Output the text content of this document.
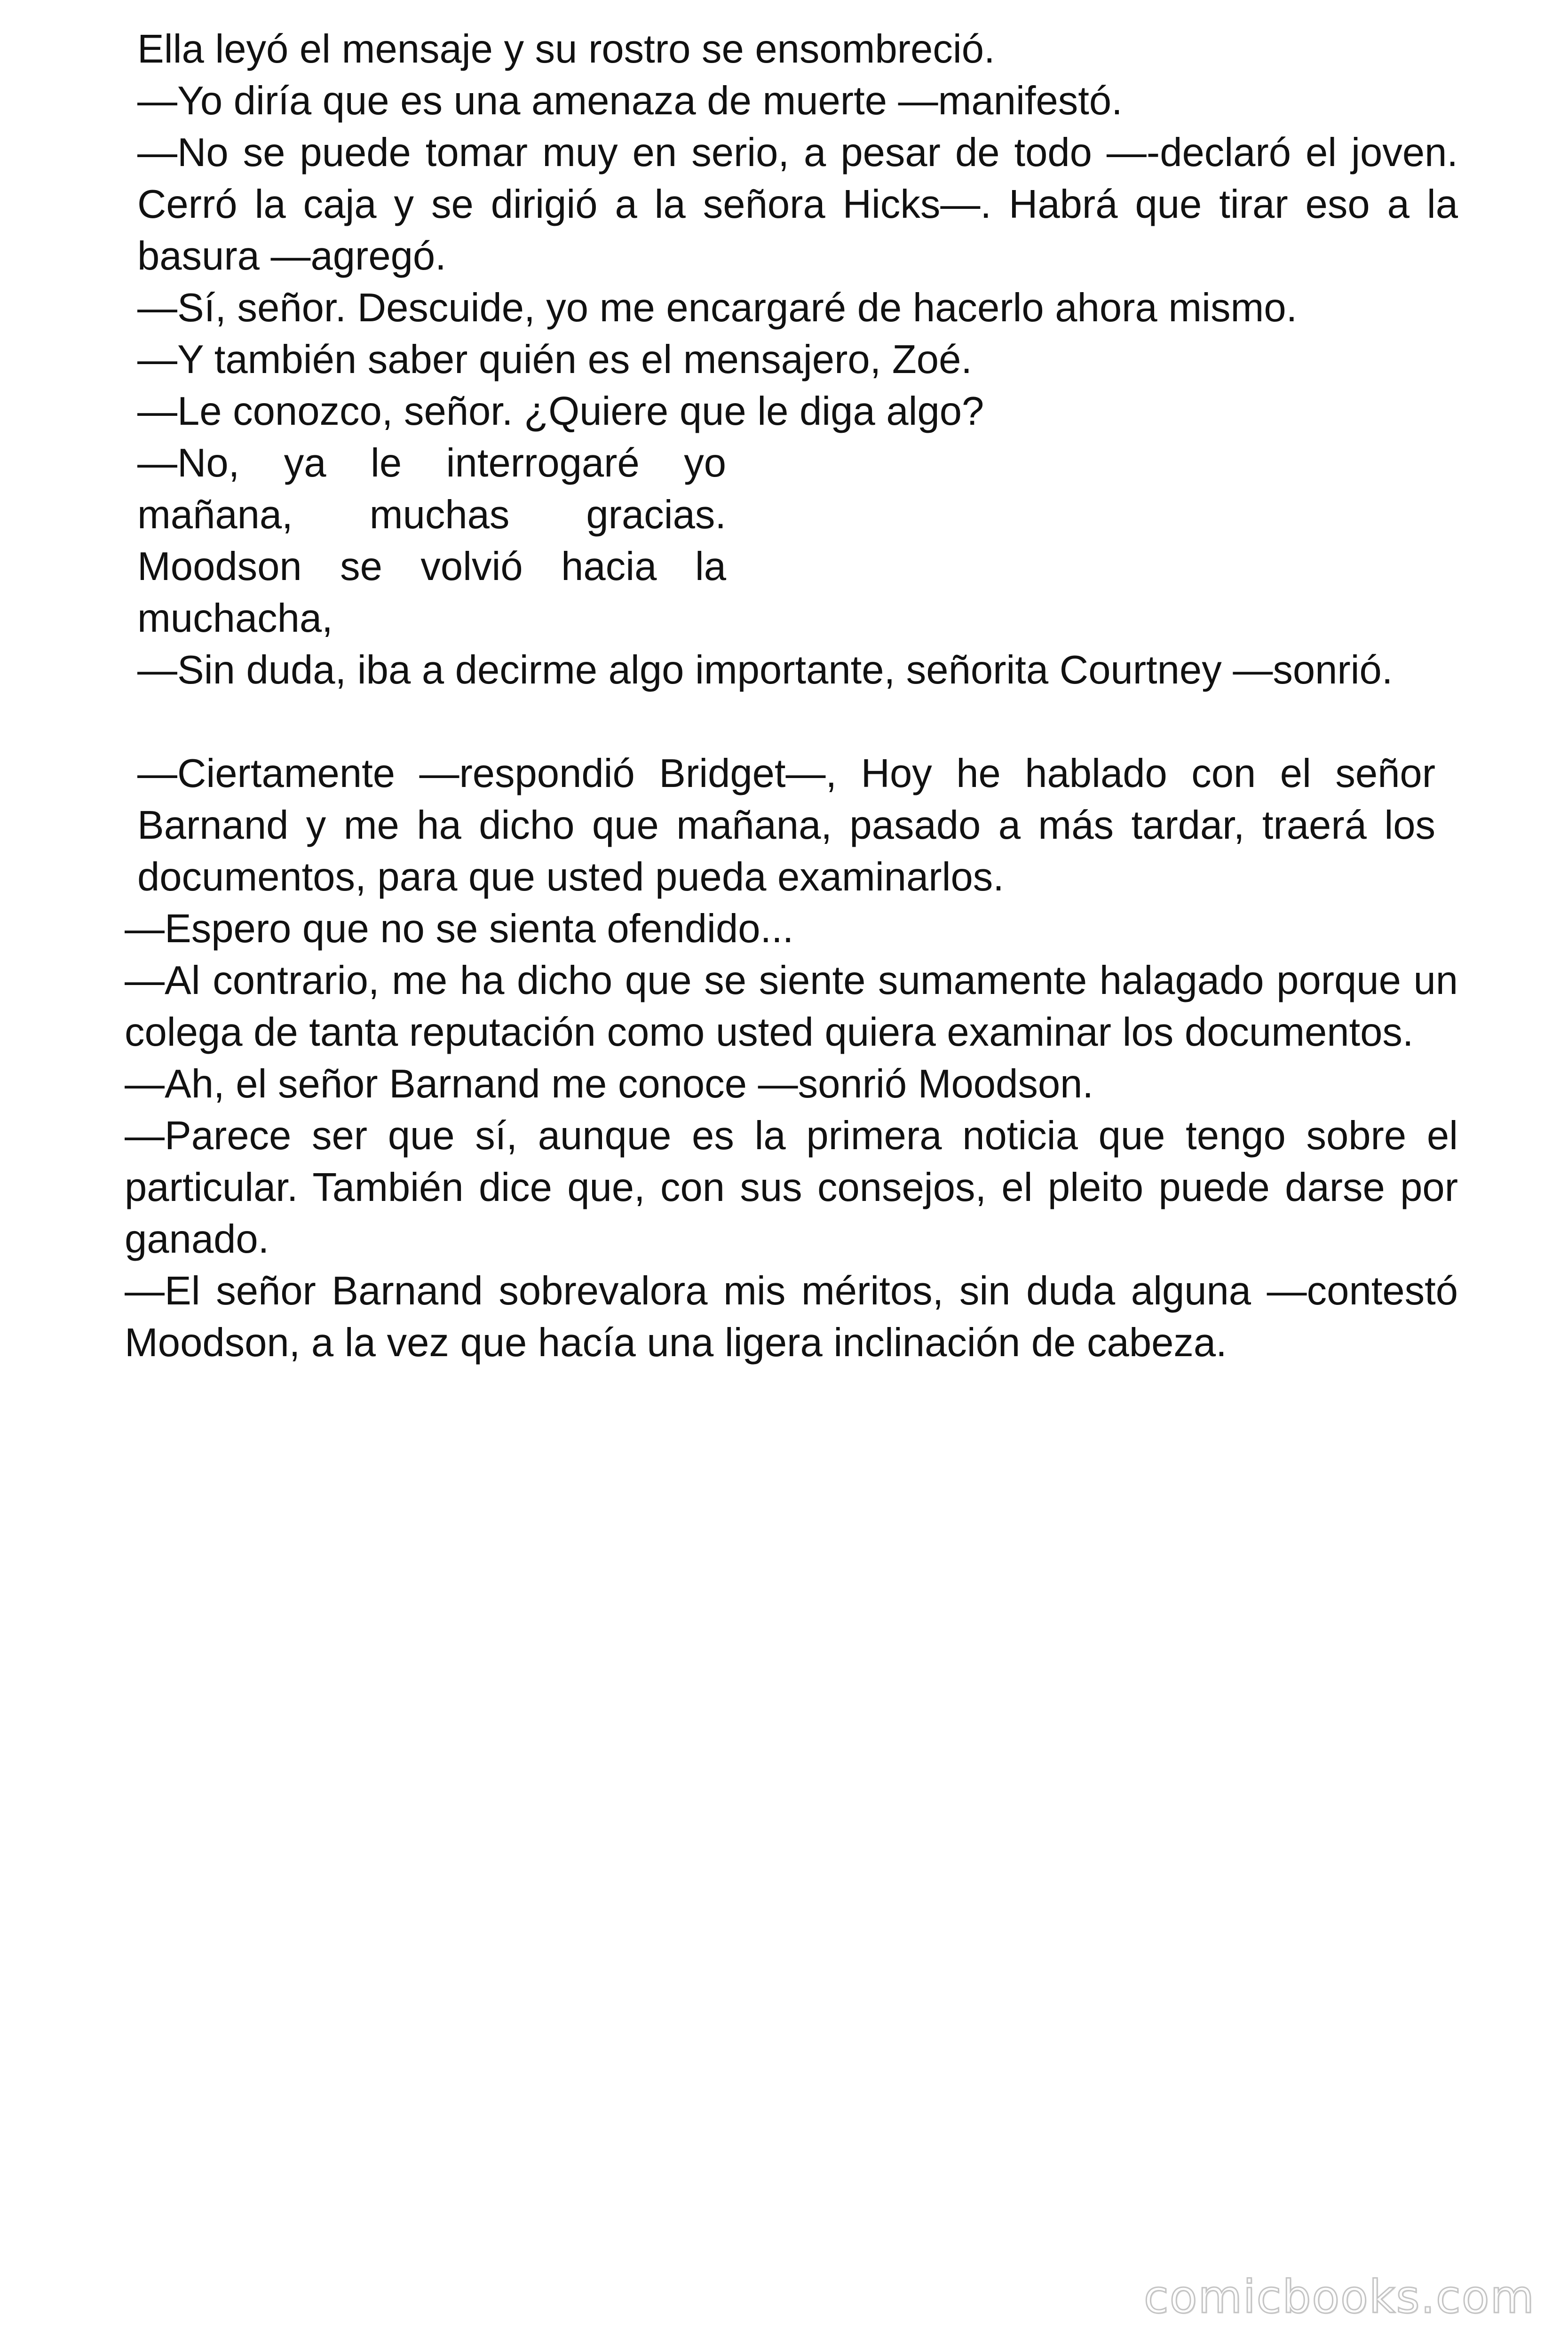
Ella leyó el mensaje y su rostro se ensombreció.

—Yo diría que es una amenaza de muerte —manifestó.

—No se puede tomar muy en serio, a pesar de todo —-declaró el joven. Cerró la caja y se dirigió a la señora Hicks—. Habrá que tirar eso a la basura —agregó.

—Sí, señor. Descuide, yo me encargaré de hacerlo ahora mismo.

—Y también saber quién es el mensajero, Zoé.

—Le conozco, señor. ¿Quiere que le diga algo?

—No, ya le interrogaré yo mañana, muchas gracias. Moodson se volvió hacia la muchacha,

—Sin duda, iba a decirme algo importante, señorita Courtney —sonrió.

—Ciertamente —respondió Bridget—, Hoy he hablado con el señor Barnand y me ha dicho que mañana, pasado a más tardar, traerá los documentos, para que usted pueda examinarlos.

—Espero que no se sienta ofendido...

—Al contrario, me ha dicho que se siente sumamente halagado porque un colega de tanta reputación como usted quiera examinar los documentos.

—Ah, el señor Barnand me conoce —sonrió Moodson.

—Parece ser que sí, aunque es la primera noticia que tengo sobre el particular. También dice que, con sus consejos, el pleito puede darse por ganado.

—El señor Barnand sobrevalora mis méritos, sin duda alguna —contestó Moodson, a la vez que hacía una ligera inclinación de cabeza.

comicbooks.com
